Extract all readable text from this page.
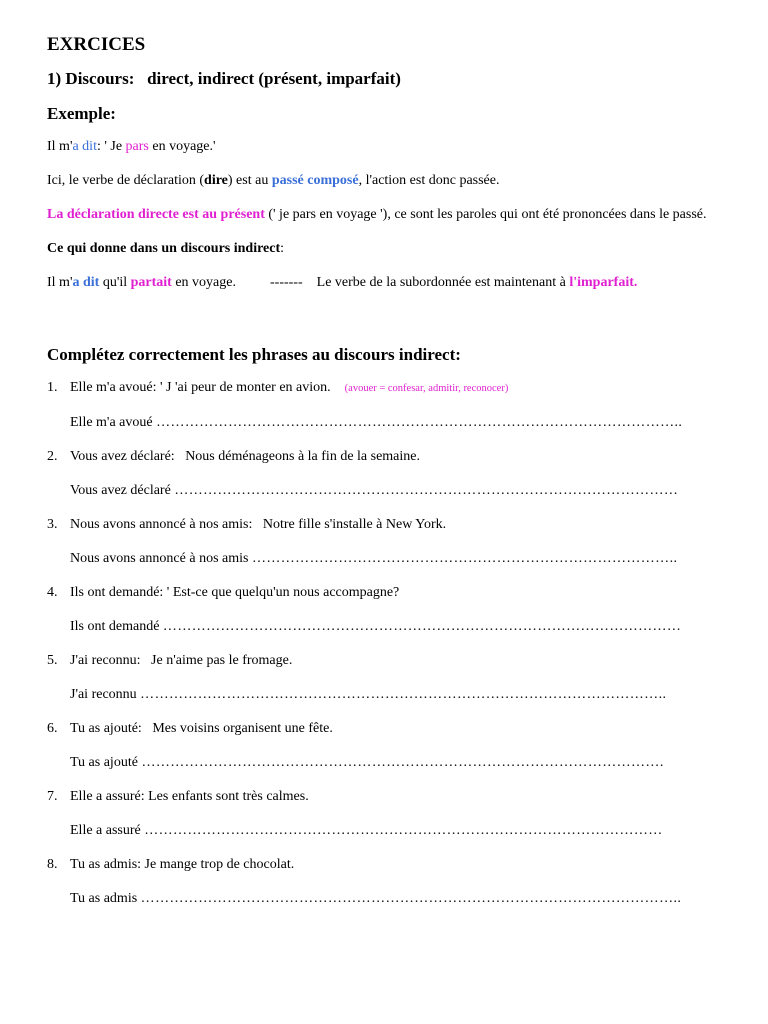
EXRCICES
1) Discours:   direct, indirect (présent, imparfait)
Exemple:

Il m'a dit: ' Je pars en voyage.'

Ici, le verbe de déclaration (dire) est au passé composé, l'action est donc passée.

La déclaration directe est au présent (' je pars en voyage '), ce sont les paroles qui ont été prononcées dans le passé.

Ce qui donne dans un discours indirect:

Il m'a dit qu'il partait en voyage. ------- Le verbe de la subordonnée est maintenant à l'imparfait.

Complétez correctement les phrases au discours indirect:
1. Elle m'a avoué: ' J 'ai peur de monter en avion. (avouer = confesar, admitir, reconocer)
Elle m'a avoué ………………………………………………………………………………………………..
2. Vous avez déclaré:   Nous déménageons à la fin de la semaine.
Vous avez déclaré ……………………………………………………………………………………………
3. Nous avons annoncé à nos amis:   Notre fille s'installe à New York.
Nous avons annoncé à nos amis ……………………………………………………………………………..
4. Ils ont demandé: ' Est-ce que quelqu'un nous accompagne?
Ils ont demandé ………………………………………………………………………………………………
5. J'ai reconnu:   Je n'aime pas le fromage.
J'ai reconnu ………………………………………………………………………………………………..
6. Tu as ajouté:   Mes voisins organisent une fête.
Tu as ajouté ……………………………………………………………………………………………….
7. Elle a assuré: Les enfants sont très calmes.
Elle a assuré ………………………………………………………………………………………………
8. Tu as admis: Je mange trop de chocolat.
Tu as admis …………………………………………………………………………………………………..
